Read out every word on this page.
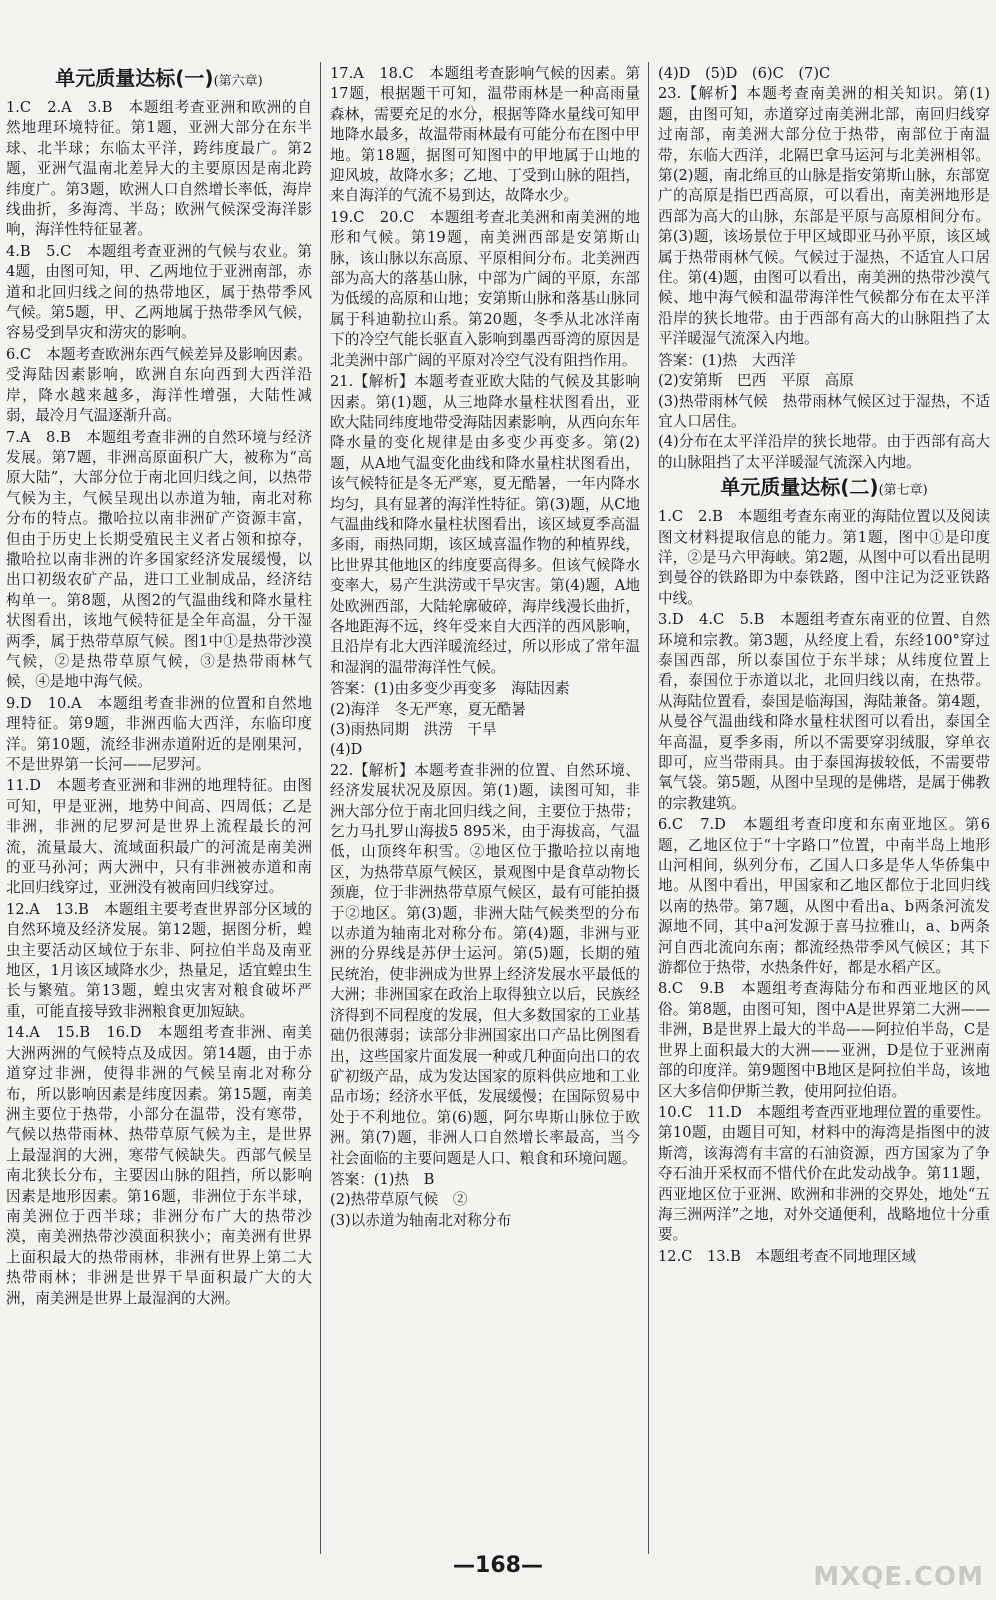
单元质量达标(一)(第六章)

1.C　2.A　3.B　本题组考查亚洲和欧洲的自然地理环境特征。第1题，亚洲大部分在东半球、北半球；东临太平洋，跨纬度最广。第2题，亚洲气温南北差异大的主要原因是南北跨纬度广。第3题，欧洲人口自然增长率低，海岸线曲折，多海湾、半岛；欧洲气候深受海洋影响，海洋性特征显著。

4.B　5.C　本题组考查亚洲的气候与农业。第4题，由图可知，甲、乙两地位于亚洲南部，赤道和北回归线之间的热带地区，属于热带季风气候。第5题，甲、乙两地属于热带季风气候，容易受到旱灾和涝灾的影响。

6.C　本题考查欧洲东西气候差异及影响因素。受海陆因素影响，欧洲自东向西到大西洋沿岸，降水越来越多，海洋性增强，大陆性减弱，最冷月气温逐渐升高。

7.A　8.B　本题组考查非洲的自然环境与经济发展。第7题，非洲高原面积广大，被称为“高原大陆”，大部分位于南北回归线之间，以热带气候为主，气候呈现出以赤道为轴，南北对称分布的特点。撒哈拉以南非洲矿产资源丰富，但由于历史上长期受殖民主义者占领和掠夺，撒哈拉以南非洲的许多国家经济发展缓慢，以出口初级农矿产品，进口工业制成品，经济结构单一。第8题，从图2的气温曲线和降水量柱状图看出，该地气候特征是全年高温，分干湿两季，属于热带草原气候。图1中①是热带沙漠气候，②是热带草原气候，③是热带雨林气候，④是地中海气候。

9.D　10.A　本题组考查非洲的位置和自然地理特征。第9题，非洲西临大西洋，东临印度洋。第10题，流经非洲赤道附近的是刚果河，不是世界第一长河——尼罗河。

11.D　本题考查亚洲和非洲的地理特征。由图可知，甲是亚洲，地势中间高、四周低；乙是非洲，非洲的尼罗河是世界上流程最长的河流，流量最大、流域面积最广的河流是南美洲的亚马孙河；两大洲中，只有非洲被赤道和南北回归线穿过，亚洲没有被南回归线穿过。

12.A　13.B　本题组主要考查世界部分区域的自然环境及经济发展。第12题，据图分析，蝗虫主要活动区域位于东非、阿拉伯半岛及南亚地区，1月该区域降水少，热量足，适宜蝗虫生长与繁殖。第13题，蝗虫灾害对粮食破坏严重，可能直接导致非洲粮食更加短缺。

14.A　15.B　16.D　本题组考查非洲、南美大洲两洲的气候特点及成因。第14题，由于赤道穿过非洲，使得非洲的气候呈南北对称分布，所以影响因素是纬度因素。第15题，南美洲主要位于热带，小部分在温带，没有寒带，气候以热带雨林、热带草原气候为主，是世界上最湿润的大洲，寒带气候缺失。西部气候呈南北狭长分布，主要因山脉的阻挡，所以影响因素是地形因素。第16题，非洲位于东半球，南美洲位于西半球；非洲分布广大的热带沙漠，南美洲热带沙漠面积狭小；南美洲有世界上面积最大的热带雨林，非洲有世界上第二大热带雨林；非洲是世界干旱面积最广大的大洲，南美洲是世界上最湿润的大洲。

17.A　18.C　本题组考查影响气候的因素。第17题，根据题干可知，温带雨林是一种高雨量森林，需要充足的水分，根据等降水量线可知甲地降水最多，故温带雨林最有可能分布在图中甲地。第18题，据图可知图中的甲地属于山地的迎风坡，故降水多；乙地、丁受到山脉的阻挡，来自海洋的气流不易到达，故降水少。

19.C　20.C　本题组考查北美洲和南美洲的地形和气候。第19题，南美洲西部是安第斯山脉，该山脉以东高原、平原相间分布。北美洲西部为高大的落基山脉，中部为广阔的平原，东部为低缓的高原和山地；安第斯山脉和落基山脉同属于科迪勒拉山系。第20题，冬季从北冰洋南下的冷空气能长驱直入影响到墨西哥湾的原因是北美洲中部广阔的平原对冷空气没有阻挡作用。

21.【解析】本题考查亚欧大陆的气候及其影响因素。第(1)题，从三地降水量柱状图看出，亚欧大陆同纬度地带受海陆因素影响，从西向东年降水量的变化规律是由多变少再变多。第(2)题，从A地气温变化曲线和降水量柱状图看出，该气候特征是冬无严寒，夏无酷暑，一年内降水均匀，具有显著的海洋性特征。第(3)题，从C地气温曲线和降水量柱状图看出，该区域夏季高温多雨，雨热同期，该区域喜温作物的种植界线，比世界其他地区的纬度要高得多。但该气候降水变率大，易产生洪涝或干旱灾害。第(4)题，A地处欧洲西部，大陆轮廓破碎，海岸线漫长曲折，各地距海不远，终年受来自大西洋的西风影响，且沿岸有北大西洋暖流经过，所以形成了常年温和湿润的温带海洋性气候。

答案：(1)由多变少再变多　海陆因素

(2)海洋　冬无严寒，夏无酷暑

(3)雨热同期　洪涝　干旱

(4)D

22.【解析】本题考查非洲的位置、自然环境、经济发展状况及原因。第(1)题，读图可知，非洲大部分位于南北回归线之间，主要位于热带；乞力马扎罗山海拔5 895米，由于海拔高，气温低，山顶终年积雪。②地区位于撒哈拉以南地区，为热带草原气候区，景观图中是食草动物长颈鹿，位于非洲热带草原气候区，最有可能拍摄于②地区。第(3)题，非洲大陆气候类型的分布以赤道为轴南北对称分布。第(4)题，非洲与亚洲的分界线是苏伊士运河。第(5)题，长期的殖民统治，使非洲成为世界上经济发展水平最低的大洲；非洲国家在政治上取得独立以后，民族经济得到不同程度的发展，但大多数国家的工业基础仍很薄弱；读部分非洲国家出口产品比例图看出，这些国家片面发展一种或几种面向出口的农矿初级产品，成为发达国家的原料供应地和工业品市场；经济水平低，发展缓慢；在国际贸易中处于不利地位。第(6)题，阿尔卑斯山脉位于欧洲。第(7)题，非洲人口自然增长率最高，当今社会面临的主要问题是人口、粮食和环境问题。

答案：(1)热　B

(2)热带草原气候　②

(3)以赤道为轴南北对称分布

(4)D　(5)D　(6)C　(7)C

23.【解析】本题考查南美洲的相关知识。第(1)题，由图可知，赤道穿过南美洲北部，南回归线穿过南部，南美洲大部分位于热带，南部位于南温带，东临大西洋，北隔巴拿马运河与北美洲相邻。第(2)题，南北绵亘的山脉是指安第斯山脉，东部宽广的高原是指巴西高原，可以看出，南美洲地形是西部为高大的山脉，东部是平原与高原相间分布。第(3)题，该场景位于甲区域即亚马孙平原，该区域属于热带雨林气候。气候过于湿热，不适宜人口居住。第(4)题，由图可以看出，南美洲的热带沙漠气候、地中海气候和温带海洋性气候都分布在太平洋沿岸的狭长地带。由于西部有高大的山脉阻挡了太平洋暖湿气流深入内地。

答案：(1)热　大西洋

(2)安第斯　巴西　平原　高原

(3)热带雨林气候　热带雨林气候区过于湿热，不适宜人口居住。

(4)分布在太平洋沿岸的狭长地带。由于西部有高大的山脉阻挡了太平洋暖湿气流深入内地。

单元质量达标(二)(第七章)

1.C　2.B　本题组考查东南亚的海陆位置以及阅读图文材料提取信息的能力。第1题，图中①是印度洋，②是马六甲海峡。第2题，从图中可以看出昆明到曼谷的铁路即为中泰铁路，图中注记为泛亚铁路中线。

3.D　4.C　5.B　本题组考查东南亚的位置、自然环境和宗教。第3题，从经度上看，东经100°穿过泰国西部，所以泰国位于东半球；从纬度位置上看，泰国位于赤道以北，北回归线以南，在热带。从海陆位置看，泰国是临海国，海陆兼备。第4题，从曼谷气温曲线和降水量柱状图可以看出，泰国全年高温，夏季多雨，所以不需要穿羽绒服，穿单衣即可，应当带雨具。由于泰国海拔较低，不需要带氧气袋。第5题，从图中呈现的是佛塔，是属于佛教的宗教建筑。

6.C　7.D　本题组考查印度和东南亚地区。第6题，乙地区位于“十字路口”位置，中南半岛上地形山河相间，纵列分布，乙国人口多是华人华侨集中地。从图中看出，甲国家和乙地区都位于北回归线以南的热带。第7题，从图中看出a、b两条河流发源地不同，其中a河发源于喜马拉雅山，a、b两条河自西北流向东南；都流经热带季风气候区；其下游都位于热带，水热条件好，都是水稻产区。

8.C　9.B　本题组考查海陆分布和西亚地区的风俗。第8题，由图可知，图中A是世界第二大洲——非洲，B是世界上最大的半岛——阿拉伯半岛，C是世界上面积最大的大洲——亚洲，D是位于亚洲南部的印度洋。第9题图中B地区是阿拉伯半岛，该地区大多信仰伊斯兰教，使用阿拉伯语。

10.C　11.D　本题组考查西亚地理位置的重要性。第10题，由题目可知，材料中的海湾是指图中的波斯湾，该海湾有丰富的石油资源，西方国家为了争夺石油开采权而不惜代价在此发动战争。第11题，西亚地区位于亚洲、欧洲和非洲的交界处，地处“五海三洲两洋”之地，对外交通便利，战略地位十分重要。

12.C　13.B　本题组考查不同地理区域

—168—	MXQE.COM
